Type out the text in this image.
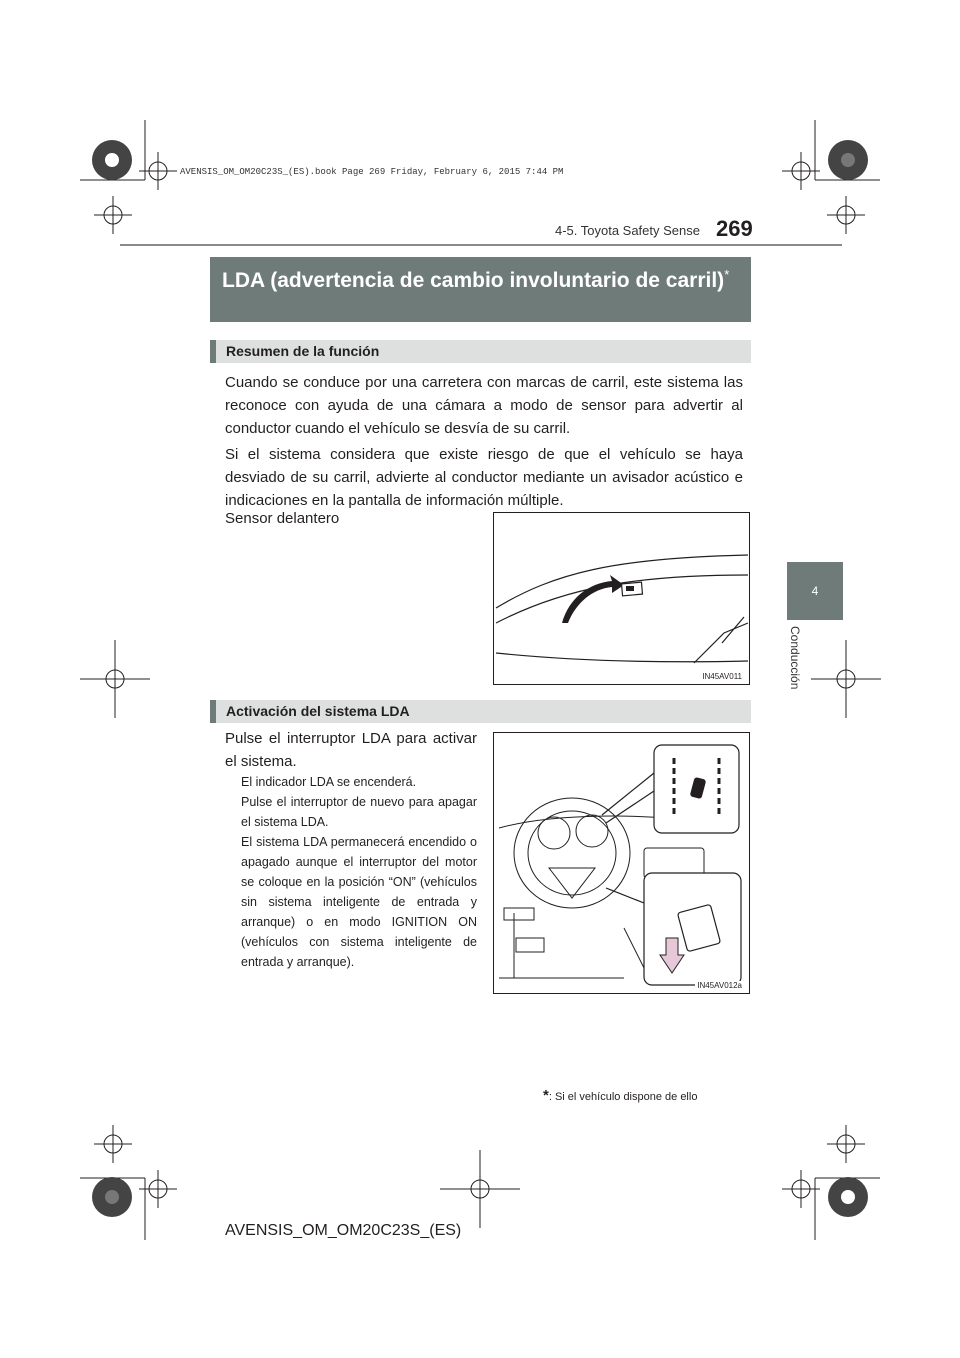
AVENSIS_OM_OM20C23S_(ES).book Page 269 Friday, February 6, 2015 7:44 PM
4-5. Toyota Safety Sense 269
4
Conducción
LDA (advertencia de cambio involuntario de carril)*
Resumen de la función
Cuando se conduce por una carretera con marcas de carril, este sistema las reconoce con ayuda de una cámara a modo de sensor para advertir al conductor cuando el vehículo se desvía de su carril.
Si el sistema considera que existe riesgo de que el vehículo se haya desviado de su carril, advierte al conductor mediante un avisador acústico e indicaciones en la pantalla de información múltiple.
Sensor delantero
IN45AV011
Activación del sistema LDA
Pulse el interruptor LDA para activar el sistema.
El indicador LDA se encenderá.
Pulse el interruptor de nuevo para apagar el sistema LDA.
El sistema LDA permanecerá encendido o apagado aunque el interruptor del motor se coloque en la posición “ON” (vehículos sin sistema inteligente de entrada y arranque) o en modo IGNITION ON (vehículos con sistema inteligente de entrada y arranque).
IN45AV012a
*: Si el vehículo dispone de ello
AVENSIS_OM_OM20C23S_(ES)
